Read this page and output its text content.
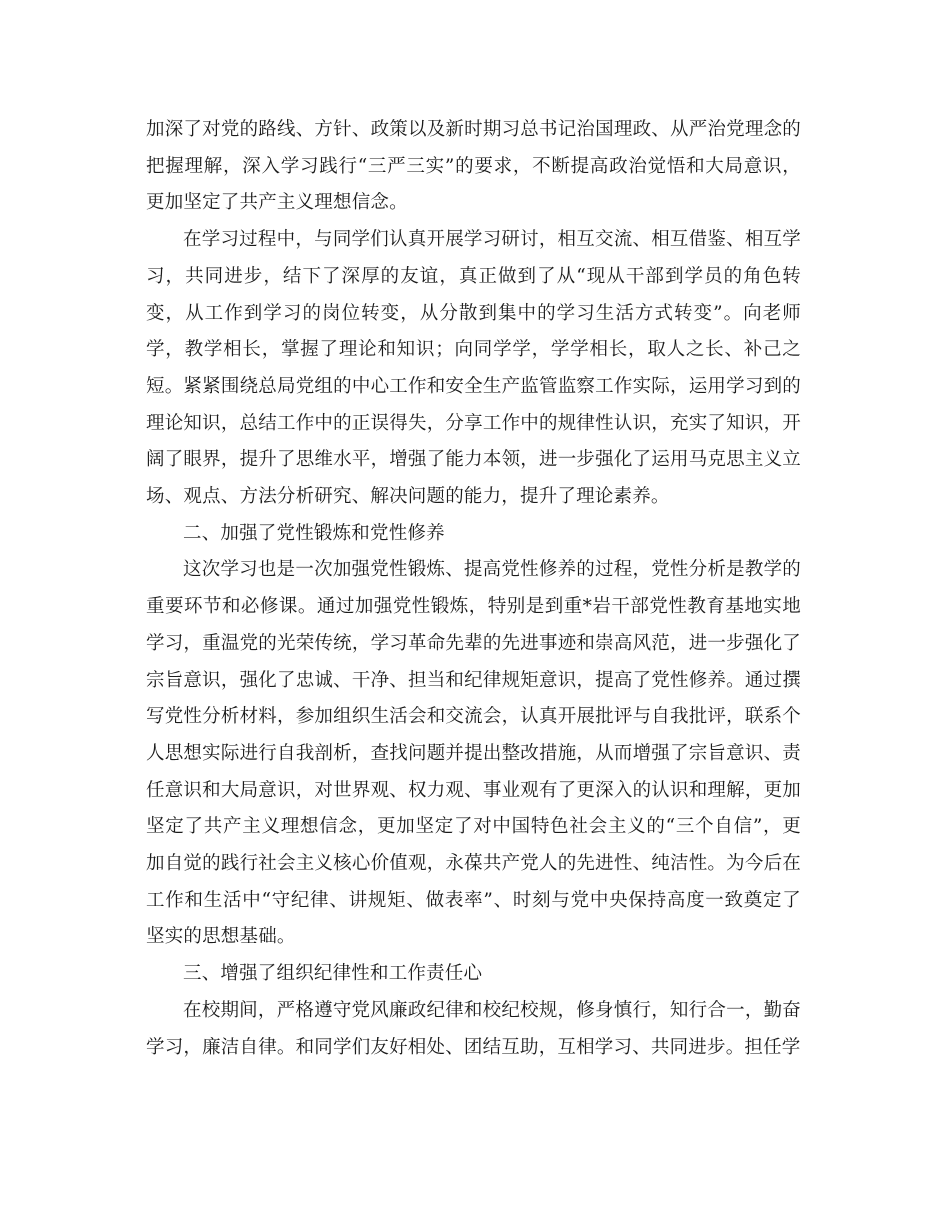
加深了对党的路线、方针、政策以及新时期习总书记治国理政、从严治党理念的把握理解，深入学习践行“三严三实”的要求，不断提高政治觉悟和大局意识，更加坚定了共产主义理想信念。

在学习过程中，与同学们认真开展学习研讨，相互交流、相互借鉴、相互学习，共同进步，结下了深厚的友谊，真正做到了从“现从干部到学员的角色转变，从工作到学习的岗位转变，从分散到集中的学习生活方式转变”。向老师学，教学相长，掌握了理论和知识；向同学学，学学相长，取人之长、补己之短。紧紧围绕总局党组的中心工作和安全生产监管监察工作实际，运用学习到的理论知识，总结工作中的正误得失，分享工作中的规律性认识，充实了知识，开阔了眼界，提升了思维水平，增强了能力本领，进一步强化了运用马克思主义立场、观点、方法分析研究、解决问题的能力，提升了理论素养。

二、加强了党性锻炼和党性修养

这次学习也是一次加强党性锻炼、提高党性修养的过程，党性分析是教学的重要环节和必修课。通过加强党性锻炼，特别是到重*岩干部党性教育基地实地学习，重温党的光荣传统，学习革命先辈的先进事迹和崇高风范，进一步强化了宗旨意识，强化了忠诚、干净、担当和纪律规矩意识，提高了党性修养。通过撰写党性分析材料，参加组织生活会和交流会，认真开展批评与自我批评，联系个人思想实际进行自我剖析，查找问题并提出整改措施，从而增强了宗旨意识、责任意识和大局意识，对世界观、权力观、事业观有了更深入的认识和理解，更加坚定了共产主义理想信念，更加坚定了对中国特色社会主义的“三个自信”，更加自觉的践行社会主义核心价值观，永葆共产党人的先进性、纯洁性。为今后在工作和生活中“守纪律、讲规矩、做表率”、时刻与党中央保持高度一致奠定了坚实的思想基础。

三、增强了组织纪律性和工作责任心

在校期间，严格遵守党风廉政纪律和校纪校规，修身慎行，知行合一，勤奋学习，廉洁自律。和同学们友好相处、团结互助，互相学习、共同进步。担任学
